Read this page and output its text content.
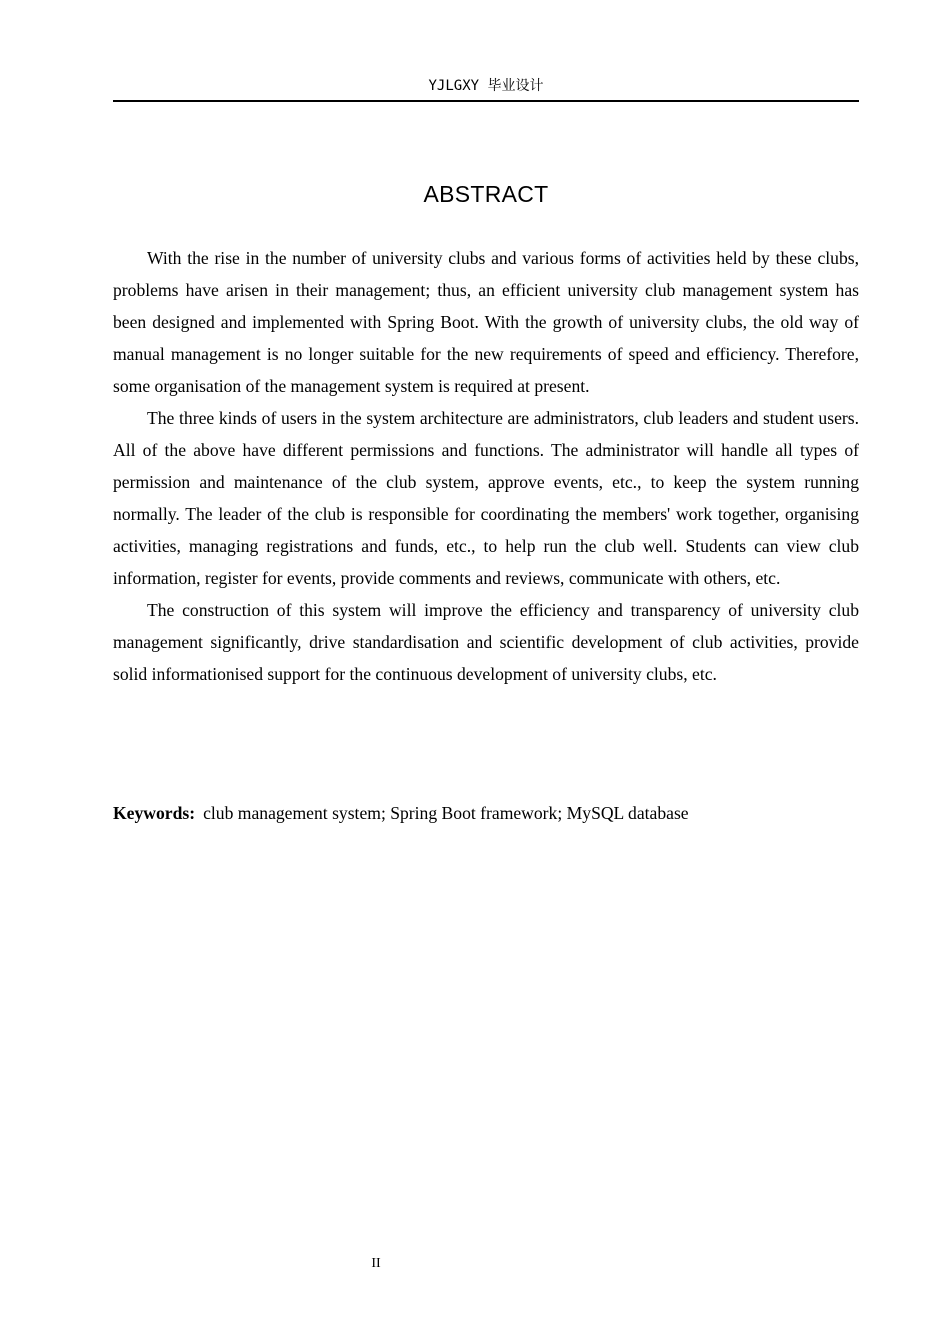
YJLGXY 毕业设计
ABSTRACT

With the rise in the number of university clubs and various forms of activities held by these clubs, problems have arisen in their management; thus, an efficient university club management system has been designed and implemented with Spring Boot. With the growth of university clubs, the old way of manual management is no longer suitable for the new requirements of speed and efficiency. Therefore, some organisation of the management system is required at present.

The three kinds of users in the system architecture are administrators, club leaders and student users. All of the above have different permissions and functions. The administrator will handle all types of permission and maintenance of the club system, approve events, etc., to keep the system running normally. The leader of the club is responsible for coordinating the members' work together, organising activities, managing registrations and funds, etc., to help run the club well. Students can view club information, register for events, provide comments and reviews, communicate with others, etc.

The construction of this system will improve the efficiency and transparency of university club management significantly, drive standardisation and scientific development of club activities, provide solid informationised support for the continuous development of university clubs, etc.

Keywords: club management system; Spring Boot framework; MySQL database
II
